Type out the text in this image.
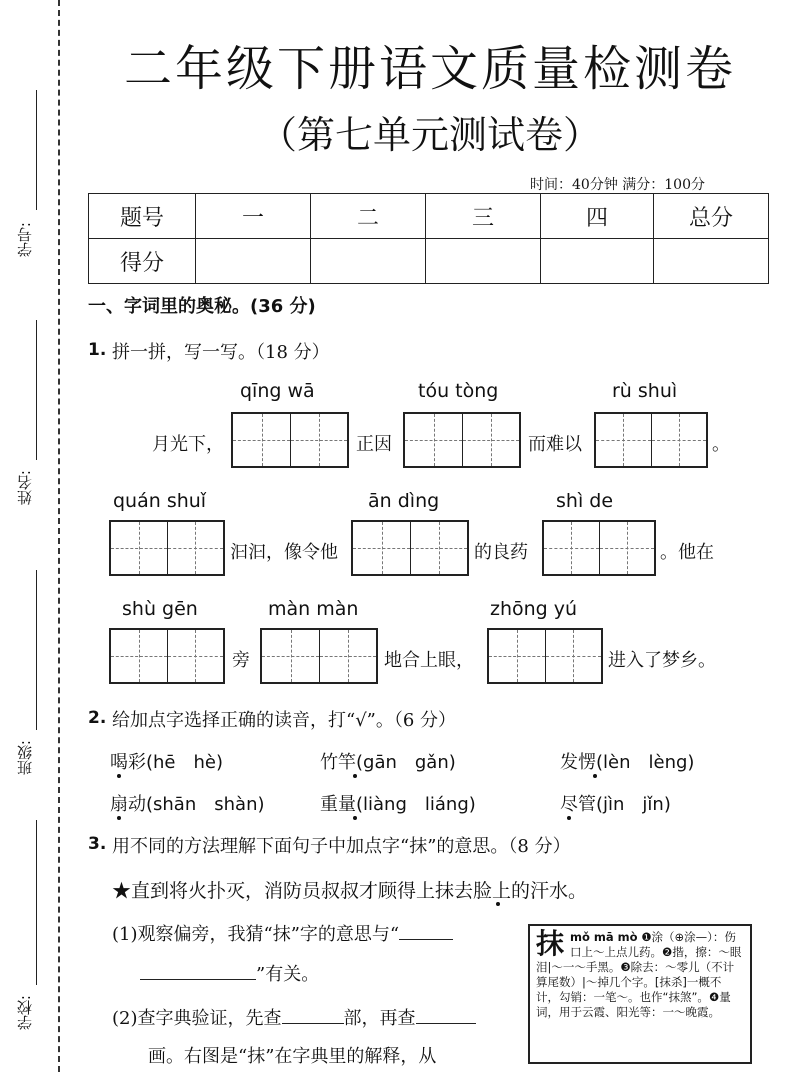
学号:
姓名:
班级:
学校:
二年级下册语文质量检测卷
（第七单元测试卷）
时间：40分钟 满分：100分
题号	一	二	三	四	总分
得分					
一、字词里的奥秘。(36 分)
1. 拼一拼，写一写。（18 分）
qīng wā	tóu tòng	rù shuì
月光下，	正因	而难以	。
quán shuǐ	ān dìng	shì de
汩汩，像令他	的良药	。他在
shù gēn	màn màn	zhōng yú
旁	地合上眼，	进入了梦乡。
2. 给加点字选择正确的读音，打“√”。（6 分）
喝彩(hē　hè)	竹竿(gān　gǎn)	发愣(lèn　lèng)
扇动(shān　shàn)	重量(liàng　liáng)	尽管(jìn　jǐn)
3. 用不同的方法理解下面句子中加点字“抹”的意思。（8 分）
★直到将火扑灭，消防员叔叔才顾得上抹去脸上的汗水。
(1)观察偏旁，我猜“抹”字的意思与“
”有关。
(2)查字典验证，先查	部，再查
画。右图是“抹”在字典里的解释，从
抹 mǒ mā mò ❶涂（⊕涂—）：伤口上～上点儿药。❷揩，擦：～眼泪|～一～手黑。❸除去：～零儿（不计算尾数）|～掉几个字。[抹杀]一概不计，勾销：一笔～。也作“抹煞”。❹量词，用于云霞、阳光等：一～晚霞。
